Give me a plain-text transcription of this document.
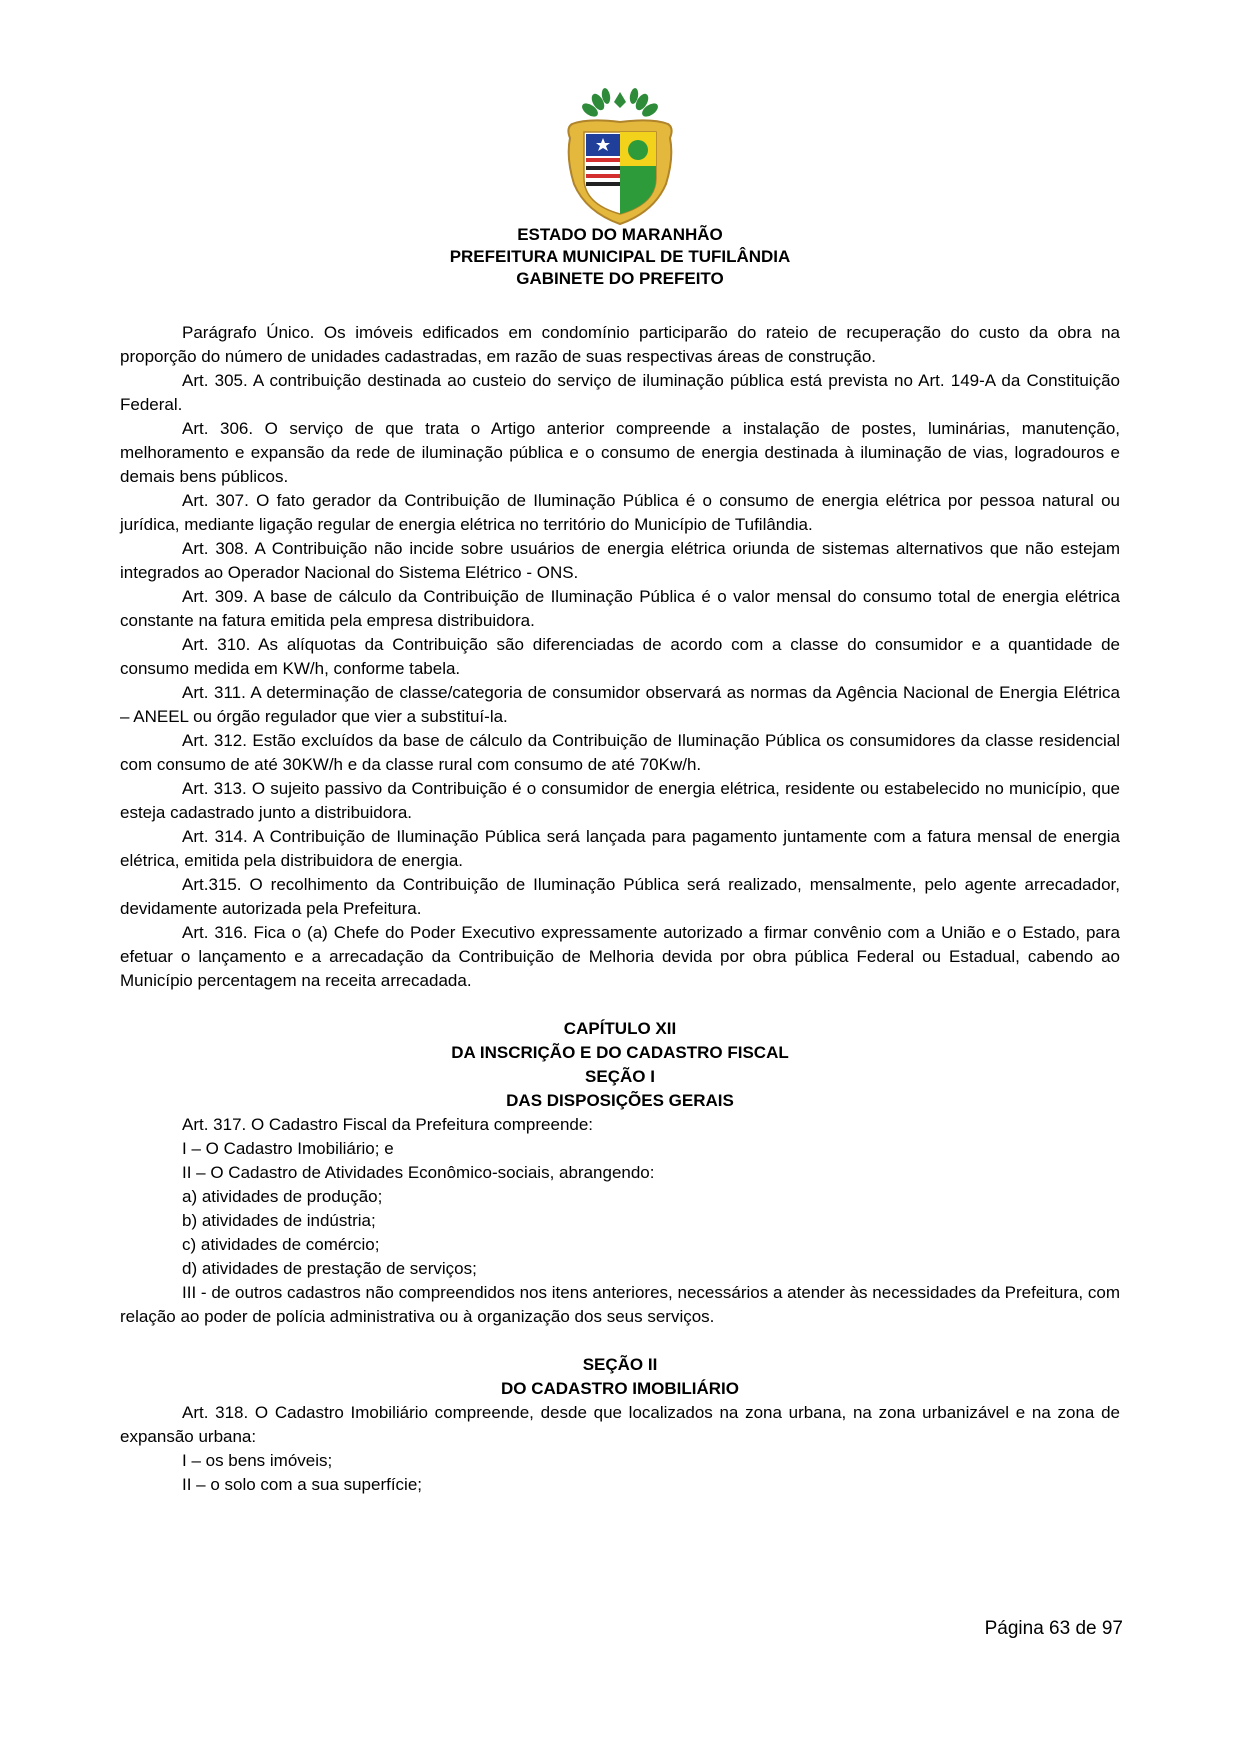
ESTADO DO MARANHÃO
PREFEITURA MUNICIPAL DE TUFILÂNDIA
GABINETE DO PREFEITO

Parágrafo Único. Os imóveis edificados em condomínio participarão do rateio de recuperação do custo da obra na proporção do número de unidades cadastradas, em razão de suas respectivas áreas de construção.

Art. 305. A contribuição destinada ao custeio do serviço de iluminação pública está prevista no Art. 149-A da Constituição Federal.

Art. 306. O serviço de que trata o Artigo anterior compreende a instalação de postes, luminárias, manutenção, melhoramento e expansão da rede de iluminação pública e o consumo de energia destinada à iluminação de vias, logradouros e demais bens públicos.

Art. 307. O fato gerador da Contribuição de Iluminação Pública é o consumo de energia elétrica por pessoa natural ou jurídica, mediante ligação regular de energia elétrica no território do Município de Tufilândia.

Art. 308. A Contribuição não incide sobre usuários de energia elétrica oriunda de sistemas alternativos que não estejam integrados ao Operador Nacional do Sistema Elétrico - ONS.

Art. 309. A base de cálculo da Contribuição de Iluminação Pública é o valor mensal do consumo total de energia elétrica constante na fatura emitida pela empresa distribuidora.

Art. 310. As alíquotas da Contribuição são diferenciadas de acordo com a classe do consumidor e a quantidade de consumo medida em KW/h, conforme tabela.

Art. 311. A determinação de classe/categoria de consumidor observará as normas da Agência Nacional de Energia Elétrica – ANEEL ou órgão regulador que vier a substituí-la.

Art. 312. Estão excluídos da base de cálculo da Contribuição de Iluminação Pública os consumidores da classe residencial com consumo de até 30KW/h e da classe rural com consumo de até 70Kw/h.

Art. 313. O sujeito passivo da Contribuição é o consumidor de energia elétrica, residente ou estabelecido no município, que esteja cadastrado junto a distribuidora.

Art. 314. A Contribuição de Iluminação Pública será lançada para pagamento juntamente com a fatura mensal de energia elétrica, emitida pela distribuidora de energia.

Art.315. O recolhimento da Contribuição de Iluminação Pública será realizado, mensalmente, pelo agente arrecadador, devidamente autorizada pela Prefeitura.

Art. 316. Fica o (a) Chefe do Poder Executivo expressamente autorizado a firmar convênio com a União e o Estado, para efetuar o lançamento e a arrecadação da Contribuição de Melhoria devida por obra pública Federal ou Estadual, cabendo ao Município percentagem na receita arrecadada.

CAPÍTULO XII

DA INSCRIÇÃO E DO CADASTRO FISCAL

SEÇÃO I

DAS DISPOSIÇÕES GERAIS

Art. 317. O Cadastro Fiscal da Prefeitura compreende:

I – O Cadastro Imobiliário; e

II – O Cadastro de Atividades Econômico-sociais, abrangendo:

a) atividades de produção;

b) atividades de indústria;

c) atividades de comércio;

d) atividades de prestação de serviços;

III - de outros cadastros não compreendidos nos itens anteriores, necessários a atender às necessidades da Prefeitura, com relação ao poder de polícia administrativa ou à organização dos seus serviços.

SEÇÃO II

DO CADASTRO IMOBILIÁRIO

Art. 318. O Cadastro Imobiliário compreende, desde que localizados na zona urbana, na zona urbanizável e na zona de expansão urbana:

I – os bens imóveis;

II – o solo com a sua superfície;

Página 63 de 97
